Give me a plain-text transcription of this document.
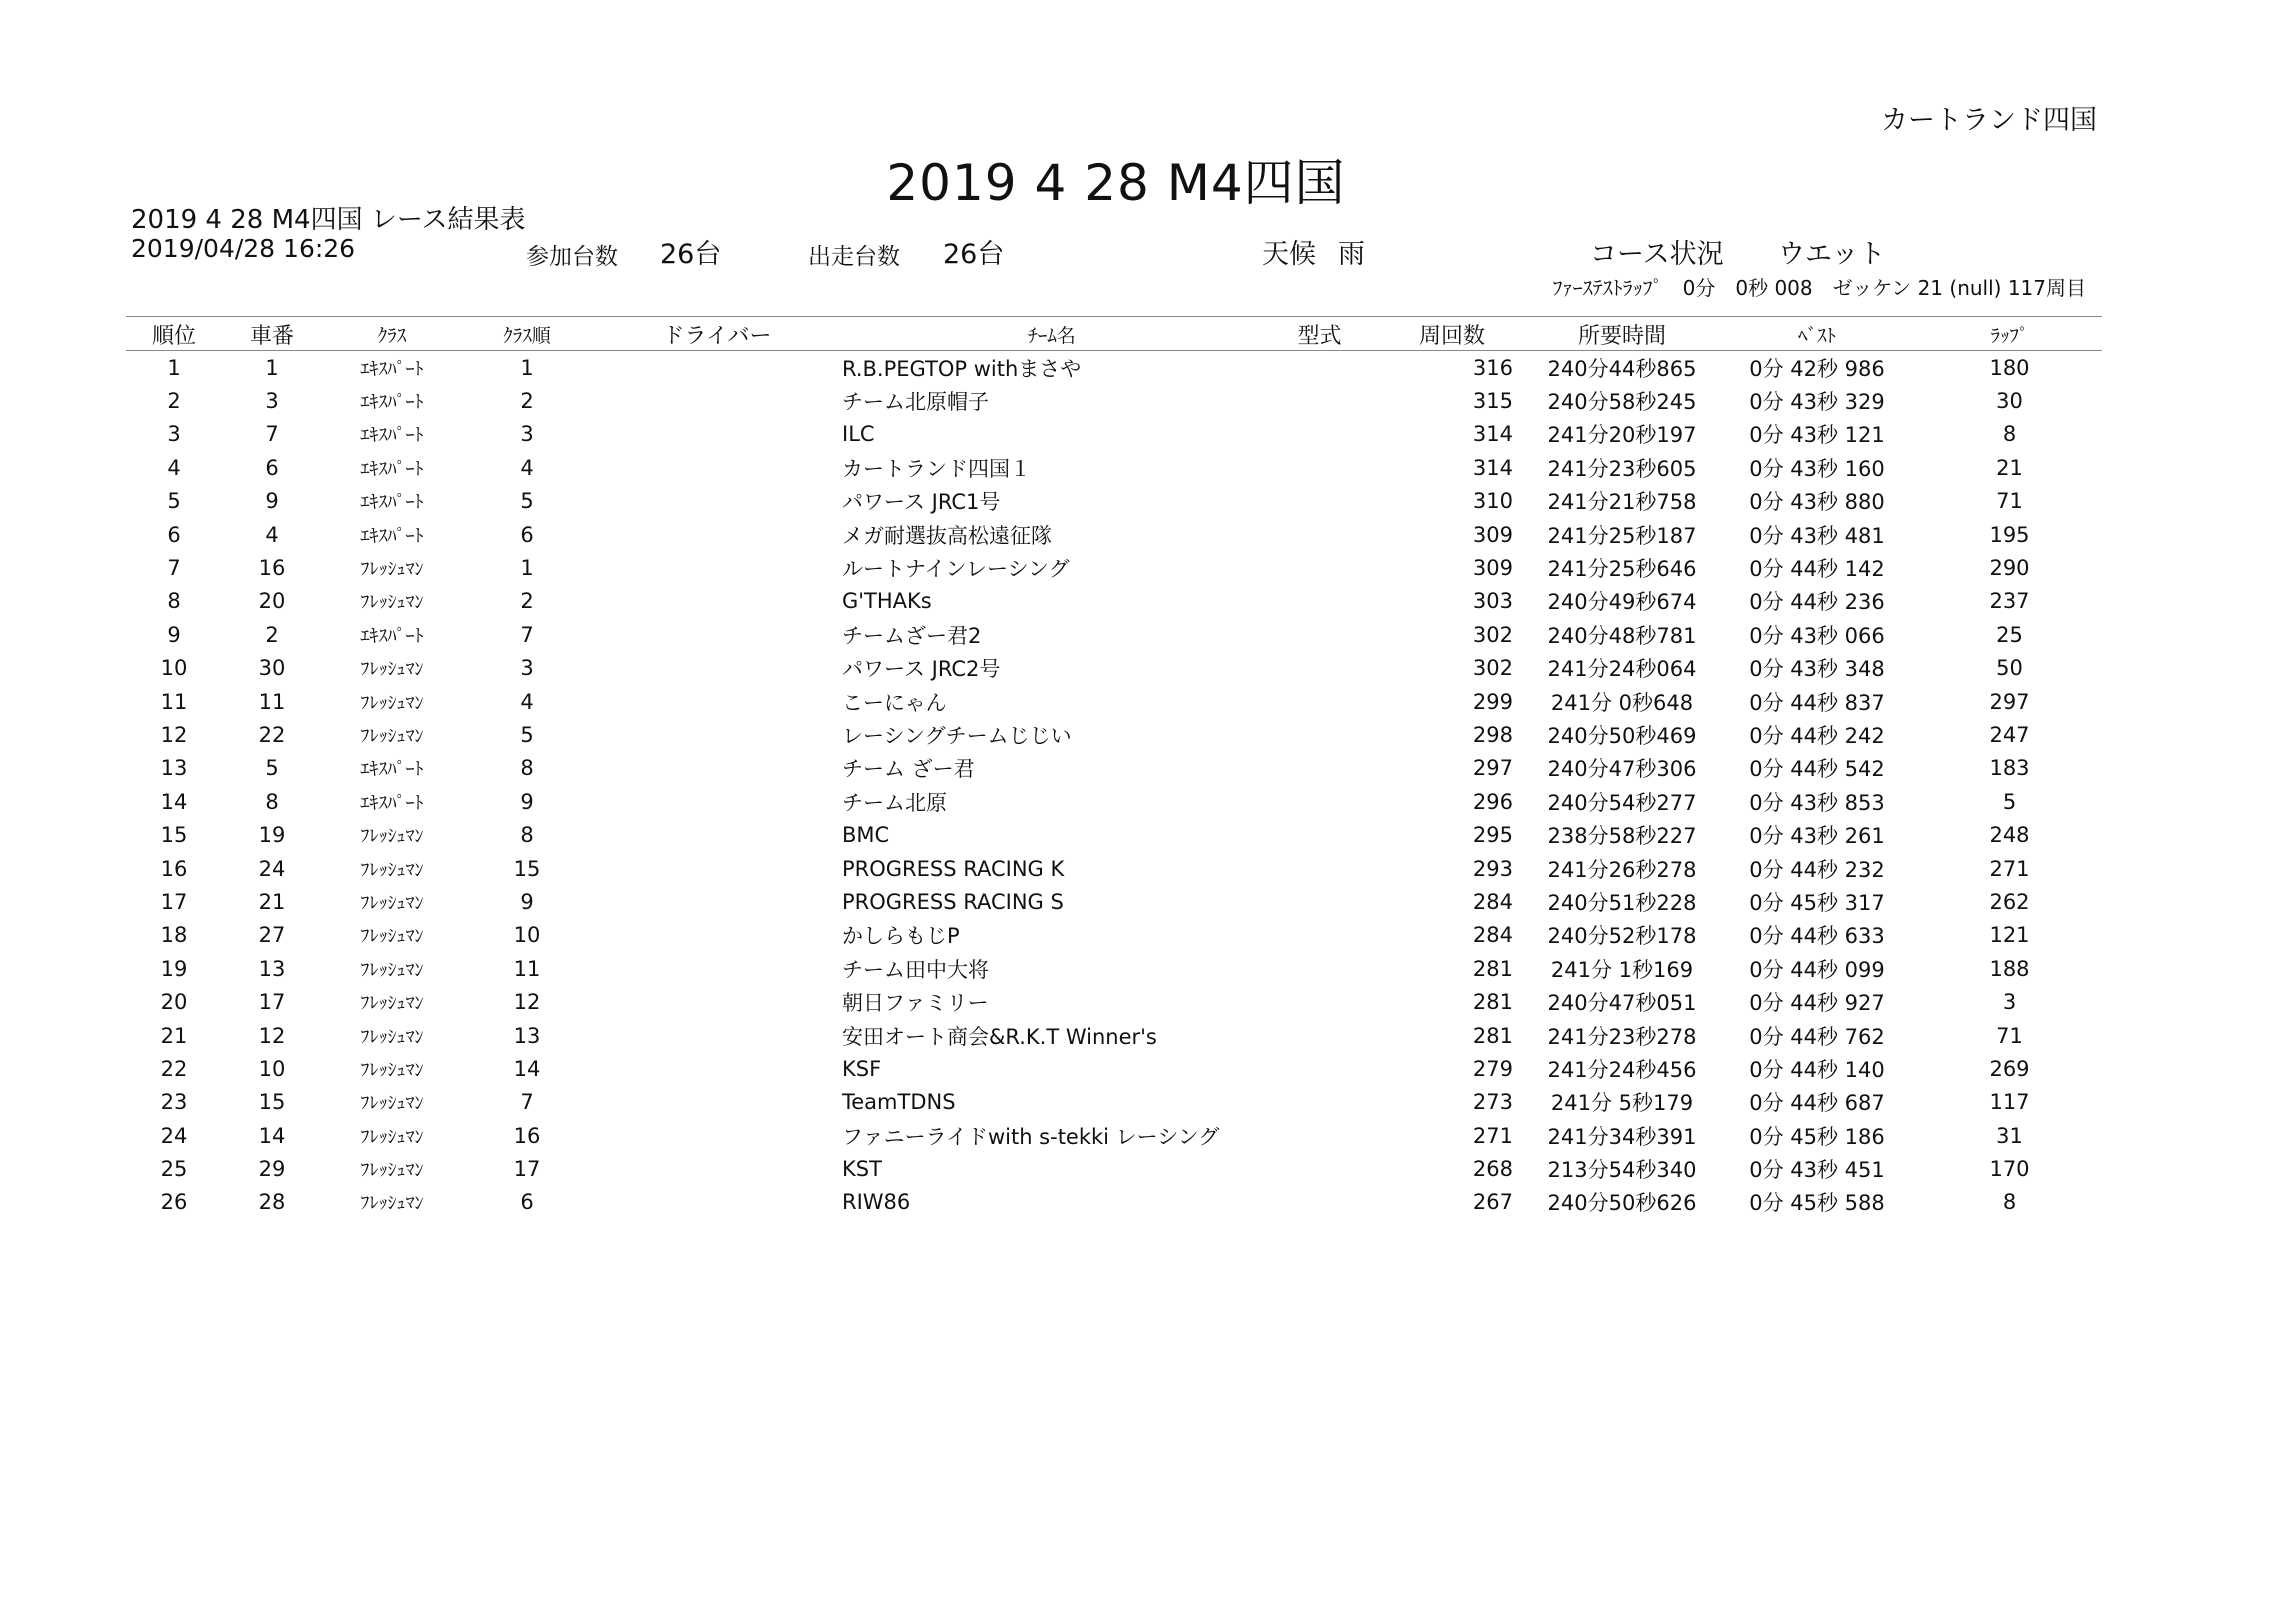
カートランド四国
2019 4 28 M4四国
2019 4 28 M4四国 レース結果表
2019/04/28 16:26	参加台数 26台	出走台数 26台	天候 雨	コース状況 ウエット
ﾌｧｰｽﾃｽﾄﾗｯﾌﾟ　0分　0秒 008　ゼッケン 21 (null) 117周目
順位	車番	ｸﾗｽ	ｸﾗｽ順	ドライバー	ﾁｰﾑ名	型式	周回数	所要時間	ﾍﾞｽﾄ	ﾗｯﾌﾟ
1	1	ｴｷｽﾊﾟｰﾄ	1		R.B.PEGTOP withまさや		316	240分44秒865	0分 42秒 986	180
2	3	ｴｷｽﾊﾟｰﾄ	2		チーム北原帽子		315	240分58秒245	0分 43秒 329	30
3	7	ｴｷｽﾊﾟｰﾄ	3		ILC		314	241分20秒197	0分 43秒 121	8
4	6	ｴｷｽﾊﾟｰﾄ	4		カートランド四国１		314	241分23秒605	0分 43秒 160	21
5	9	ｴｷｽﾊﾟｰﾄ	5		パワース JRC1号		310	241分21秒758	0分 43秒 880	71
6	4	ｴｷｽﾊﾟｰﾄ	6		メガ耐選抜高松遠征隊		309	241分25秒187	0分 43秒 481	195
7	16	ﾌﾚｯｼｭﾏﾝ	1		ルートナインレーシング		309	241分25秒646	0分 44秒 142	290
8	20	ﾌﾚｯｼｭﾏﾝ	2		G'THAKs		303	240分49秒674	0分 44秒 236	237
9	2	ｴｷｽﾊﾟｰﾄ	7		チームざー君2		302	240分48秒781	0分 43秒 066	25
10	30	ﾌﾚｯｼｭﾏﾝ	3		パワース JRC2号		302	241分24秒064	0分 43秒 348	50
11	11	ﾌﾚｯｼｭﾏﾝ	4		こーにゃん		299	241分 0秒648	0分 44秒 837	297
12	22	ﾌﾚｯｼｭﾏﾝ	5		レーシングチームじじい		298	240分50秒469	0分 44秒 242	247
13	5	ｴｷｽﾊﾟｰﾄ	8		チーム ざー君		297	240分47秒306	0分 44秒 542	183
14	8	ｴｷｽﾊﾟｰﾄ	9		チーム北原		296	240分54秒277	0分 43秒 853	5
15	19	ﾌﾚｯｼｭﾏﾝ	8		BMC		295	238分58秒227	0分 43秒 261	248
16	24	ﾌﾚｯｼｭﾏﾝ	15		PROGRESS RACING K		293	241分26秒278	0分 44秒 232	271
17	21	ﾌﾚｯｼｭﾏﾝ	9		PROGRESS RACING S		284	240分51秒228	0分 45秒 317	262
18	27	ﾌﾚｯｼｭﾏﾝ	10		かしらもじP		284	240分52秒178	0分 44秒 633	121
19	13	ﾌﾚｯｼｭﾏﾝ	11		チーム田中大将		281	241分 1秒169	0分 44秒 099	188
20	17	ﾌﾚｯｼｭﾏﾝ	12		朝日ファミリー		281	240分47秒051	0分 44秒 927	3
21	12	ﾌﾚｯｼｭﾏﾝ	13		安田オート商会&R.K.T Winner's		281	241分23秒278	0分 44秒 762	71
22	10	ﾌﾚｯｼｭﾏﾝ	14		KSF		279	241分24秒456	0分 44秒 140	269
23	15	ﾌﾚｯｼｭﾏﾝ	7		TeamTDNS		273	241分 5秒179	0分 44秒 687	117
24	14	ﾌﾚｯｼｭﾏﾝ	16		ファニーライドwith s-tekki レーシング		271	241分34秒391	0分 45秒 186	31
25	29	ﾌﾚｯｼｭﾏﾝ	17		KST		268	213分54秒340	0分 43秒 451	170
26	28	ﾌﾚｯｼｭﾏﾝ	6		RIW86		267	240分50秒626	0分 45秒 588	8
